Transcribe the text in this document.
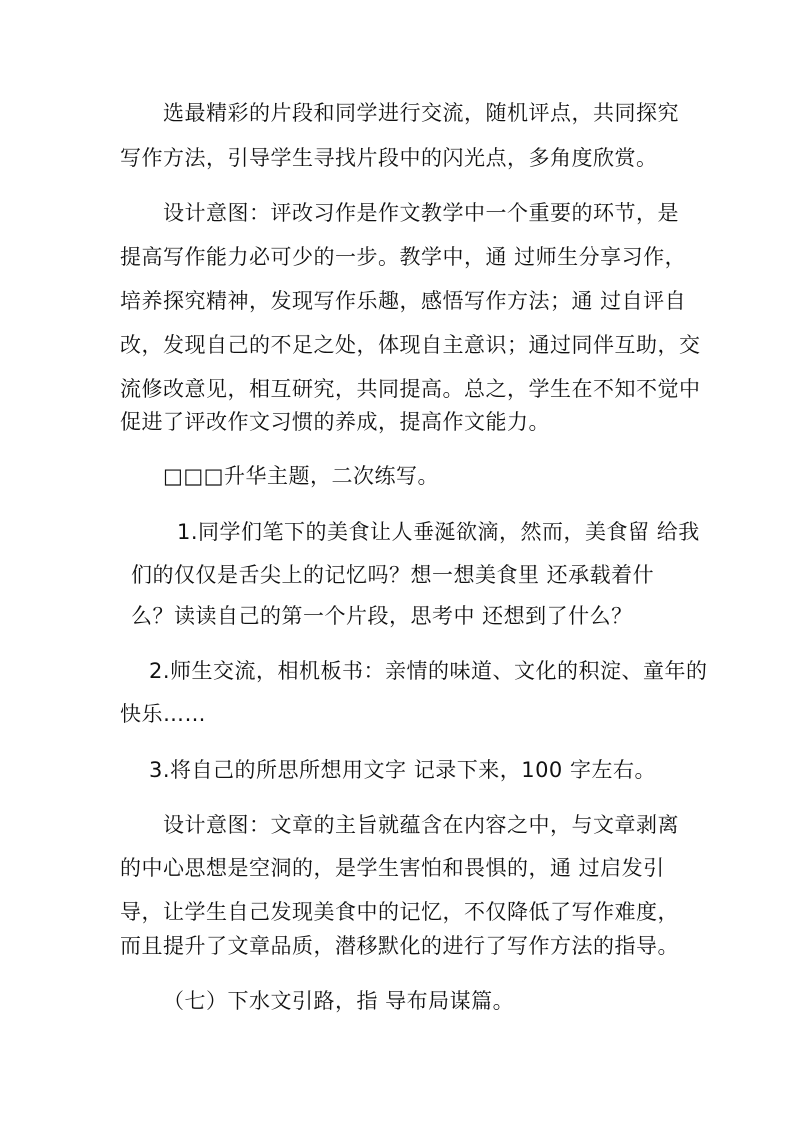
选最精彩的片段和同学进行交流，随机评点，共同探究
写作方法，引导学生寻找片段中的闪光点，多角度欣赏。
设计意图：评改习作是作文教学中一个重要的环节，是
提高写作能力必可少的一步。教学中，通 过师生分享习作，
培养探究精神，发现写作乐趣，感悟写作方法；通 过自评自
改，发现自己的不足之处，体现自主意识；通过同伴互助，交
流修改意见，相互研究，共同提高。总之，学生在不知不觉中
促进了评改作文习惯的养成，提高作文能力。
□□□升华主题，二次练写。
1.同学们笔下的美食让人垂涎欲滴，然而，美食留 给我
们的仅仅是舌尖上的记忆吗？想一想美食里 还承载着什
么？读读自己的第一个片段，思考中 还想到了什么？
2.师生交流，相机板书：亲情的味道、文化的积淀、童年的
快乐……
3.将自己的所思所想用文字 记录下来，100 字左右。
设计意图：文章的主旨就蕴含在内容之中，与文章剥离
的中心思想是空洞的，是学生害怕和畏惧的，通 过启发引
导，让学生自己发现美食中的记忆，不仅降低了写作难度，
而且提升了文章品质，潜移默化的进行了写作方法的指导。
（七）下水文引路，指 导布局谋篇。
